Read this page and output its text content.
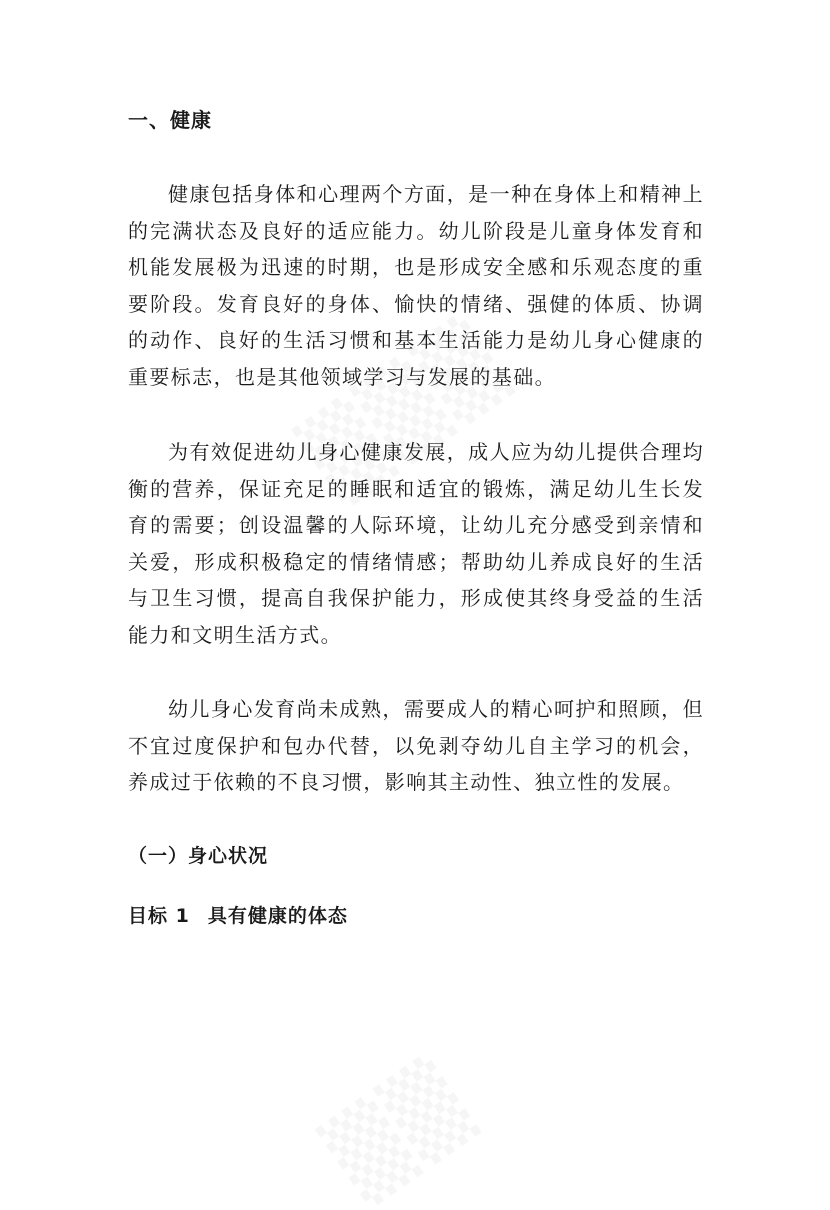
一、健康

健康包括身体和心理两个方面，是一种在身体上和精神上的完满状态及良好的适应能力。幼儿阶段是儿童身体发育和机能发展极为迅速的时期，也是形成安全感和乐观态度的重要阶段。发育良好的身体、愉快的情绪、强健的体质、协调的动作、良好的生活习惯和基本生活能力是幼儿身心健康的重要标志，也是其他领域学习与发展的基础。

为有效促进幼儿身心健康发展，成人应为幼儿提供合理均衡的营养，保证充足的睡眠和适宜的锻炼，满足幼儿生长发育的需要；创设温馨的人际环境，让幼儿充分感受到亲情和关爱，形成积极稳定的情绪情感；帮助幼儿养成良好的生活与卫生习惯，提高自我保护能力，形成使其终身受益的生活能力和文明生活方式。

幼儿身心发育尚未成熟，需要成人的精心呵护和照顾，但不宜过度保护和包办代替，以免剥夺幼儿自主学习的机会，养成过于依赖的不良习惯，影响其主动性、独立性的发展。

（一）身心状况
目标 1 具有健康的体态
